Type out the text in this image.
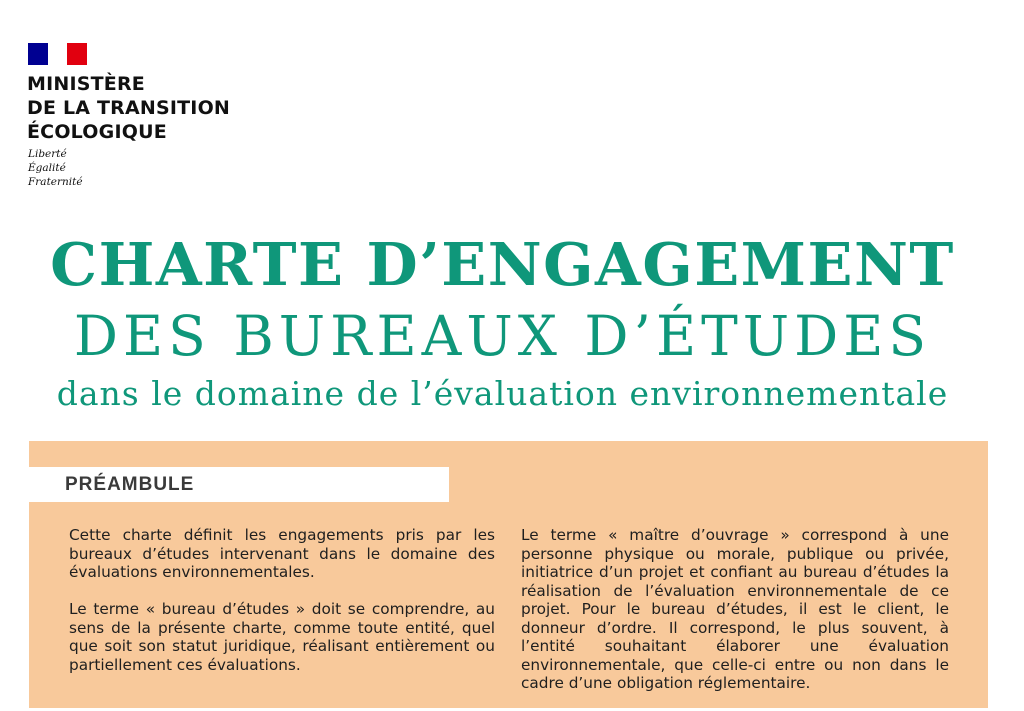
MINISTÈRE
DE LA TRANSITION
ÉCOLOGIQUE
Liberté
Égalité
Fraternité
CHARTE D’ENGAGEMENT
DES BUREAUX D’ÉTUDES
dans le domaine de l’évaluation environnementale
PRÉAMBULE

Cette charte définit les engagements pris par les bureaux d’études intervenant dans le domaine des évaluations environnementales.

Le terme « bureau d’études » doit se comprendre, au sens de la présente charte, comme toute entité, quel que soit son statut juridique, réalisant entièrement ou partiellement ces évaluations.

Le terme « maître d’ouvrage » correspond à une personne physique ou morale, publique ou privée, initiatrice d’un projet et confiant au bureau d’études la réalisation de l’évaluation environnementale de ce projet. Pour le bureau d’études, il est le client, le donneur d’ordre. Il correspond, le plus souvent, à l’entité souhaitant élaborer une évaluation environnementale, que celle-ci entre ou non dans le cadre d’une obligation réglementaire.
